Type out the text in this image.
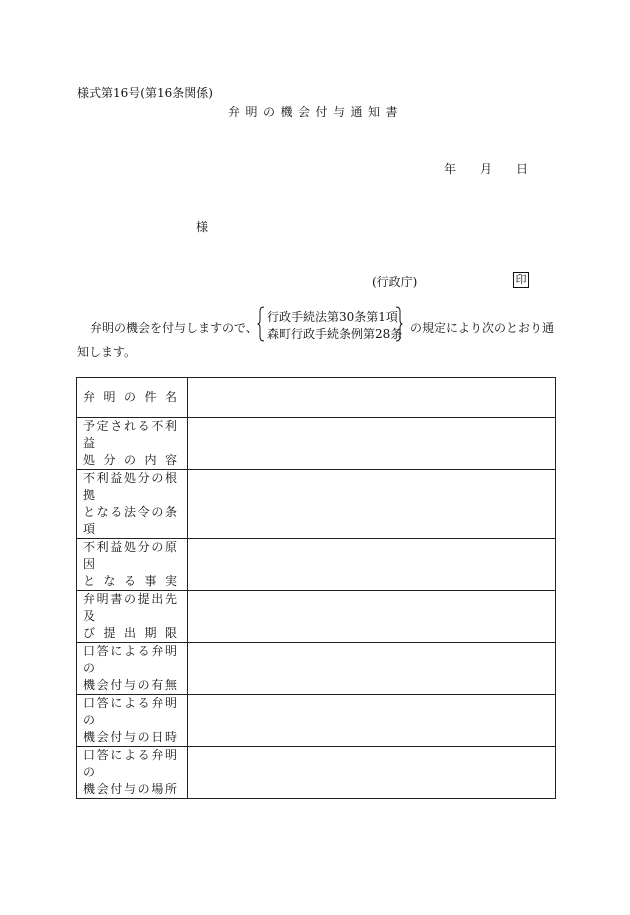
様式第16号(第16条関係)
弁明の機会付与通知書
年 月 日
様
(行政庁)	印
弁明の機会を付与しますので、
行政手続法第30条第1項
森町行政手続条例第28条 の規定により次のとおり通
知します。
弁明の件名	

予定される不利益
処分の内容	

不利益処分の根拠
となる法令の条項	

不利益処分の原因
となる事実	

弁明書の提出先及
び提出期限	

口答による弁明の
機会付与の有無	

口答による弁明の
機会付与の日時	

口答による弁明の
機会付与の場所	
